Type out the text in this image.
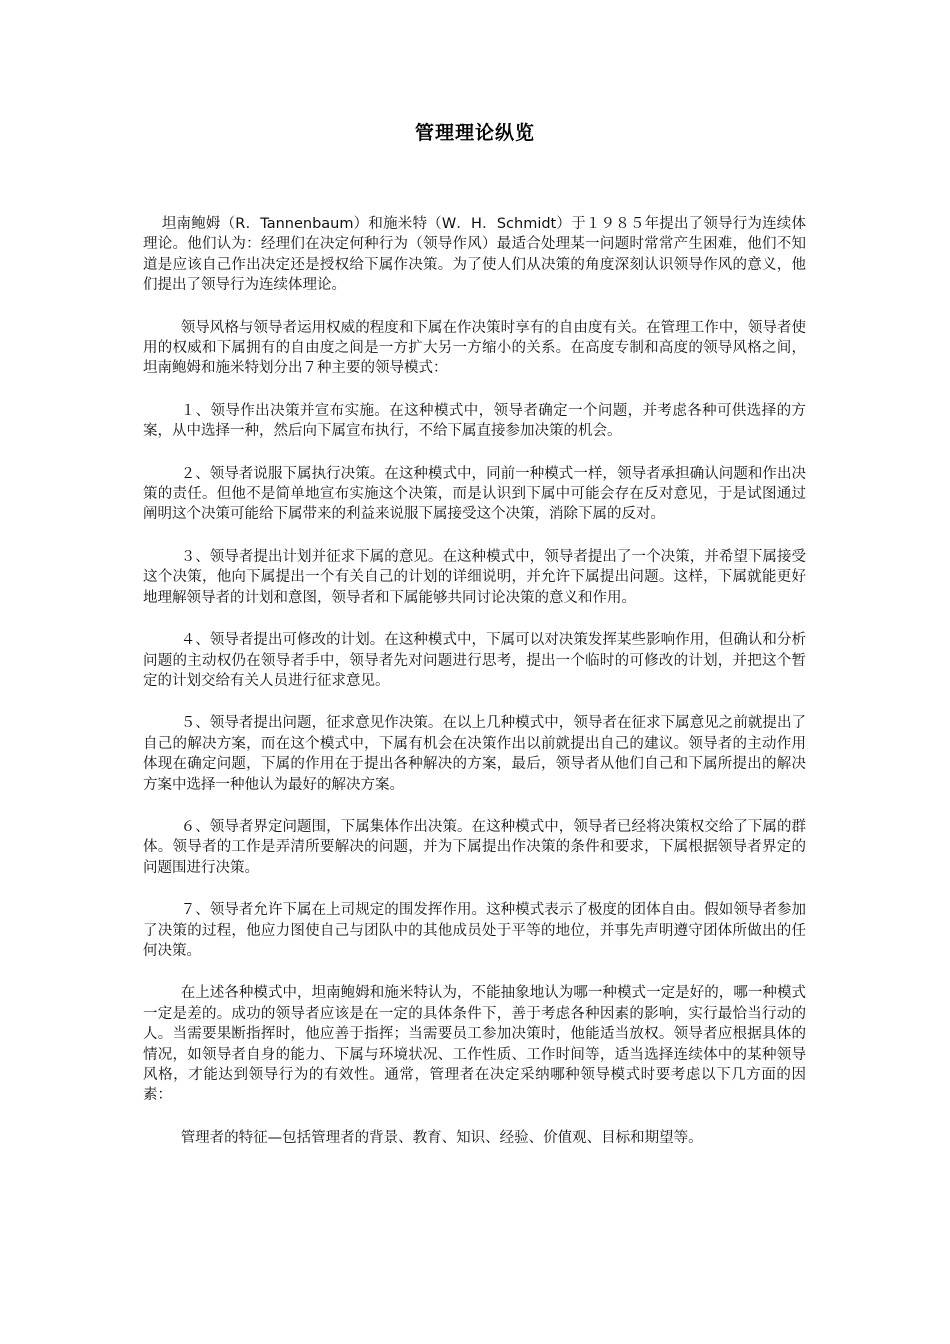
管理理论纵览

坦南鲍姆（R．Tannenbaum）和施米特（W．H．Schmidt）于１９８５年提出了领导行为连续体理论。他们认为：经理们在决定何种行为（领导作风）最适合处理某一问题时常常产生困难，他们不知道是应该自己作出决定还是授权给下属作决策。为了使人们从决策的角度深刻认识领导作风的意义，他们提出了领导行为连续体理论。

领导风格与领导者运用权威的程度和下属在作决策时享有的自由度有关。在管理工作中，领导者使用的权威和下属拥有的自由度之间是一方扩大另一方缩小的关系。在高度专制和高度的领导风格之间，坦南鲍姆和施米特划分出７种主要的领导模式：

１、领导作出决策并宣布实施。在这种模式中，领导者确定一个问题，并考虑各种可供选择的方案，从中选择一种，然后向下属宣布执行，不给下属直接参加决策的机会。

２、领导者说服下属执行决策。在这种模式中，同前一种模式一样，领导者承担确认问题和作出决策的责任。但他不是简单地宣布实施这个决策，而是认识到下属中可能会存在反对意见，于是试图通过阐明这个决策可能给下属带来的利益来说服下属接受这个决策，消除下属的反对。

３、领导者提出计划并征求下属的意见。在这种模式中，领导者提出了一个决策，并希望下属接受这个决策，他向下属提出一个有关自己的计划的详细说明，并允许下属提出问题。这样，下属就能更好地理解领导者的计划和意图，领导者和下属能够共同讨论决策的意义和作用。

４、领导者提出可修改的计划。在这种模式中，下属可以对决策发挥某些影响作用，但确认和分析问题的主动权仍在领导者手中，领导者先对问题进行思考，提出一个临时的可修改的计划，并把这个暂定的计划交给有关人员进行征求意见。

５、领导者提出问题，征求意见作决策。在以上几种模式中，领导者在征求下属意见之前就提出了自己的解决方案，而在这个模式中，下属有机会在决策作出以前就提出自己的建议。领导者的主动作用体现在确定问题，下属的作用在于提出各种解决的方案，最后，领导者从他们自己和下属所提出的解决方案中选择一种他认为最好的解决方案。

６、领导者界定问题围，下属集体作出决策。在这种模式中，领导者已经将决策权交给了下属的群体。领导者的工作是弄清所要解决的问题，并为下属提出作决策的条件和要求，下属根据领导者界定的问题围进行决策。

７、领导者允许下属在上司规定的围发挥作用。这种模式表示了极度的团体自由。假如领导者参加了决策的过程，他应力图使自己与团队中的其他成员处于平等的地位，并事先声明遵守团体所做出的任何决策。

在上述各种模式中，坦南鲍姆和施米特认为，不能抽象地认为哪一种模式一定是好的，哪一种模式一定是差的。成功的领导者应该是在一定的具体条件下，善于考虑各种因素的影响，实行最恰当行动的人。当需要果断指挥时，他应善于指挥；当需要员工参加决策时，他能适当放权。领导者应根据具体的情况，如领导者自身的能力、下属与环境状况、工作性质、工作时间等，适当选择连续体中的某种领导风格，才能达到领导行为的有效性。通常，管理者在决定采纳哪种领导模式时要考虑以下几方面的因素：

管理者的特征—包括管理者的背景、教育、知识、经验、价值观、目标和期望等。
